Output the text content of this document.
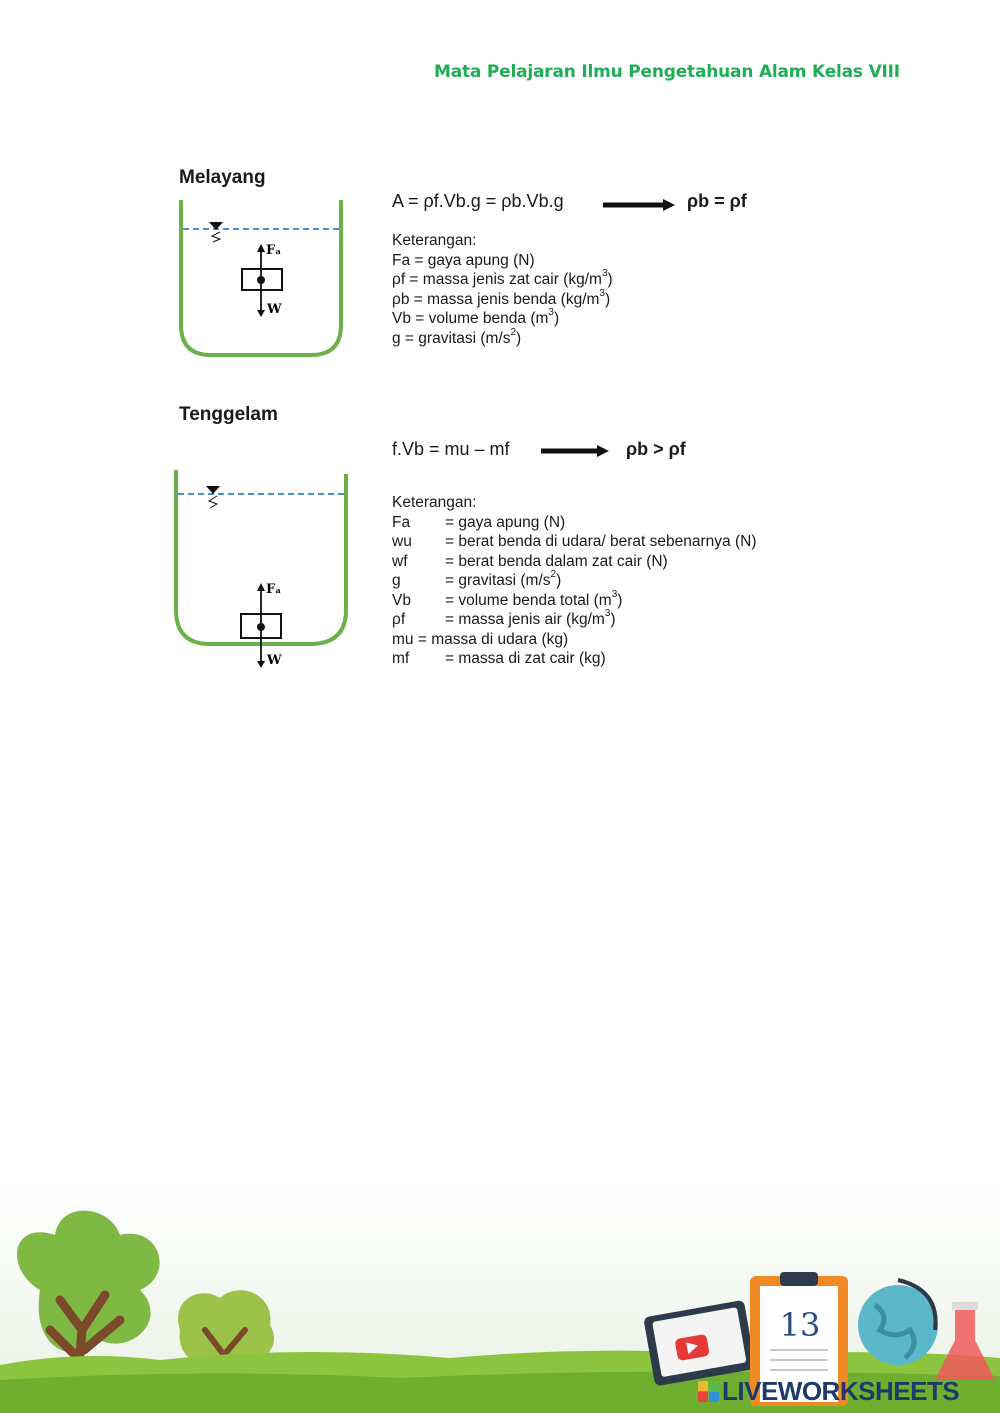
Mata Pelajaran Ilmu Pengetahuan Alam Kelas VIII
Melayang
Fₐ
W
A = ρf.Vb.g = ρb.Vb.g	ρb = ρf
Keterangan:
Fa = gaya apung (N)
ρf = massa jenis zat cair $(kg/m^3)$
ρb = massa jenis benda $(kg/m^3)$
Vb = volume benda $(m^3)$
g = gravitasi $(m/s^2)$
Tenggelam
Fₐ
W
f.Vb = mu – mf	ρb > ρf
Keterangan:
Fa = gaya apung (N)
wu = berat benda di udara/ berat sebenarnya (N)
wf = berat benda dalam zat cair (N)
g	= gravitasi $(m/s^2)$
Vb = volume benda total $(m^3)$
ρf	= massa jenis air $(kg/m^3)$
mu = massa di udara (kg)
mf = massa di zat cair (kg)
13
LIVEWORKSHEETS
